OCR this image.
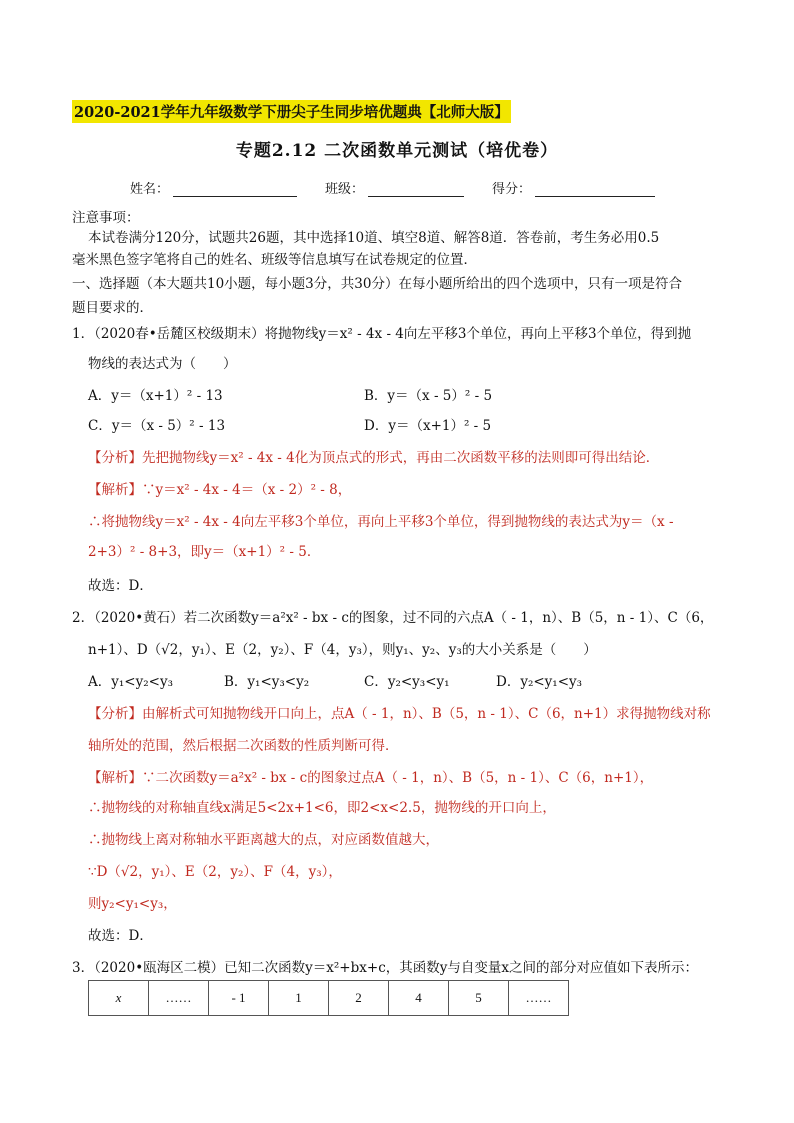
2020-2021学年九年级数学下册尖子生同步培优题典【北师大版】
专题2.12 二次函数单元测试（培优卷）
姓名：	班级：	得分：
注意事项：
本试卷满分120分，试题共26题，其中选择10道、填空8道、解答8道．答卷前，考生务必用0.5
毫米黑色签字笔将自己的姓名、班级等信息填写在试卷规定的位置．
一、选择题（本大题共10小题，每小题3分，共30分）在每小题所给出的四个选项中，只有一项是符合
题目要求的．
1．（2020春•岳麓区校级期末）将抛物线y＝x² - 4x - 4向左平移3个单位，再向上平移3个单位，得到抛
物线的表达式为（　　）
A．y＝（x+1）² - 13	B．y＝（x - 5）² - 5
C．y＝（x - 5）² - 13	D．y＝（x+1）² - 5
【分析】先把抛物线y＝x² - 4x - 4化为顶点式的形式，再由二次函数平移的法则即可得出结论．
【解析】∵y＝x² - 4x - 4＝（x - 2）² - 8，
∴将抛物线y＝x² - 4x - 4向左平移3个单位，再向上平移3个单位，得到抛物线的表达式为y＝（x -
2+3）² - 8+3，即y＝（x+1）² - 5．
故选：D．
2．（2020•黄石）若二次函数y＝a²x² - bx - c的图象，过不同的六点A（ - 1，n）、B（5，n - 1）、C（6，
n+1）、D（√2，y₁）、E（2，y₂）、F（4，y₃），则y₁、y₂、y₃的大小关系是（　　）
A．y₁<y₂<y₃	B．y₁<y₃<y₂	C．y₂<y₃<y₁	D．y₂<y₁<y₃
【分析】由解析式可知抛物线开口向上，点A（ - 1，n）、B（5，n - 1）、C（6，n+1）求得抛物线对称
轴所处的范围，然后根据二次函数的性质判断可得．
【解析】∵二次函数y＝a²x² - bx - c的图象过点A（ - 1，n）、B（5，n - 1）、C（6，n+1），
∴抛物线的对称轴直线x满足5<2x+1<6，即2<x<2.5，抛物线的开口向上，
∴抛物线上离对称轴水平距离越大的点，对应函数值越大，
∵D（√2，y₁）、E（2，y₂）、F（4，y₃），
则y₂<y₁<y₃，
故选：D．
3．（2020•瓯海区二模）已知二次函数y＝x²+bx+c，其函数y与自变量x之间的部分对应值如下表所示：
x	……	- 1	1	2	4	5	……
